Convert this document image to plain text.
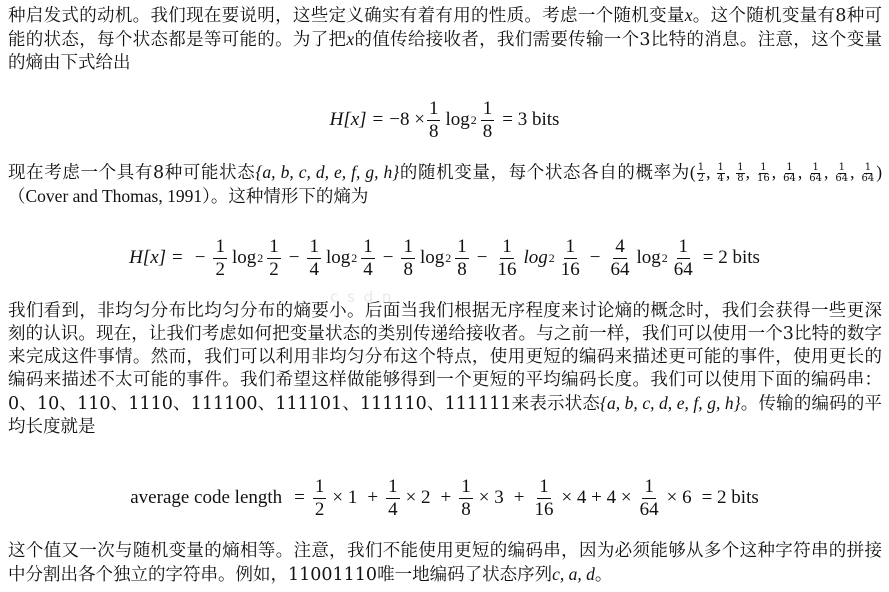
c s d n
种启发式的动机。我们现在要说明，这些定义确实有着有用的性质。考虑一个随机变量x。这个随机变量有8种可能的状态，每个状态都是等可能的。为了把x的值传给接收者，我们需要传输一个3比特的消息。注意，这个变量的熵由下式给出
$H[x] = -8 \times \frac{1}{8}$ $\log 2 \frac{1}{8} = 3$ bits
现在考虑一个具有8种可能状态{a, b, c, d, e, f, g, h}的随机变量，每个状态各自的概率为( $\frac{1}{2}$ , $\frac{1}{4}$ , $\frac{1}{8}$ , $\frac{1}{16}$ , $\frac{1}{64}$ , $\frac{1}{64}$ , $\frac{1}{64}$ , $\frac{1}{64}$ )（Cover and Thomas, 1991）。这种情形下的熵为
H[x] = − $\frac{1}{2}$ $\log 2 \frac{1}{2} - \frac{1}{4}$ $\log 2 \frac{1}{4} - \frac{1}{8}$ $\log 2 \frac{1}{8} - \frac{1}{16}$ $\log 2 \frac{1}{16} - \frac{4}{64}$ $\log 2 \frac{1}{64} = 2$ bits
我们看到，非均匀分布比均匀分布的熵要小。后面当我们根据无序程度来讨论熵的概念时，我们会获得一些更深刻的认识。现在，让我们考虑如何把变量状态的类别传递给接收者。与之前一样，我们可以使用一个3比特的数字来完成这件事情。然而，我们可以利用非均匀分布这个特点，使用更短的编码来描述更可能的事件，使用更长的编码来描述不太可能的事件。我们希望这样做能够得到一个更短的平均编码长度。我们可以使用下面的编码串：0、10、110、1110、111100、111101、111110、111111来表示状态{a, b, c, d, e, f, g, h}。传输的编码的平均长度就是
average code length = $\frac{1}{2} \times 1 + \frac{1}{4} \times 2 + \frac{1}{8} \times 3 + \frac{1}{16} \times 4 + 4 \times \frac{1}{64} \times 6 = 2$ bits
这个值又一次与随机变量的熵相等。注意，我们不能使用更短的编码串，因为必须能够从多个这种字符串的拼接中分割出各个独立的字符串。例如，11001110唯一地编码了状态序列c, a, d。
